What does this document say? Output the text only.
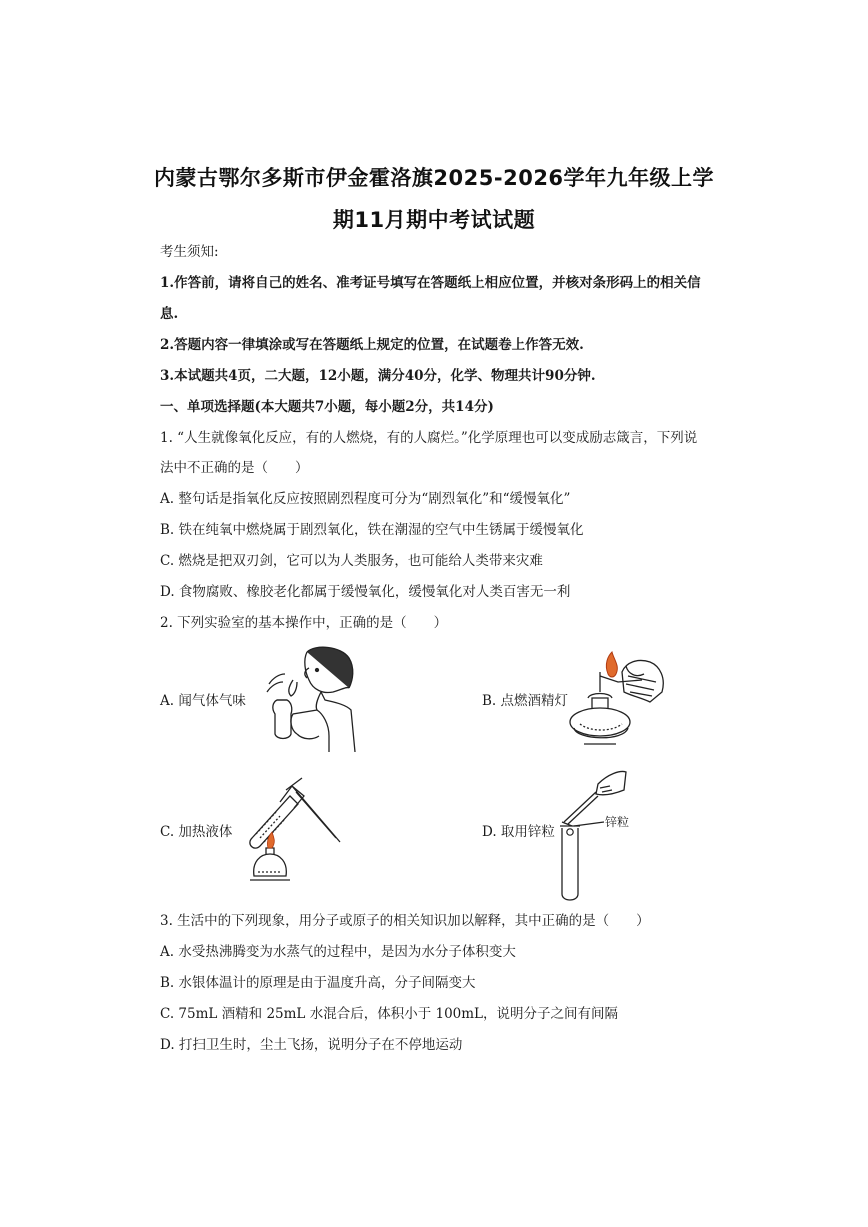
内蒙古鄂尔多斯市伊金霍洛旗2025-2026学年九年级上学
期11月期中考试试题
考生须知:
1.作答前，请将自己的姓名、准考证号填写在答题纸上相应位置，并核对条形码上的相关信
息.
2.答题内容一律填涂或写在答题纸上规定的位置，在试题卷上作答无效.
3.本试题共4页，二大题，12小题，满分40分，化学、物理共计90分钟.
一、单项选择题(本大题共7小题，每小题2分，共14分)
1. “人生就像氧化反应，有的人燃烧，有的人腐烂。”化学原理也可以变成励志箴言，下列说
法中不正确的是（　　）
A. 整句话是指氧化反应按照剧烈程度可分为“剧烈氧化”和“缓慢氧化”
B. 铁在纯氧中燃烧属于剧烈氧化，铁在潮湿的空气中生锈属于缓慢氧化
C. 燃烧是把双刃剑，它可以为人类服务，也可能给人类带来灾难
D. 食物腐败、橡胶老化都属于缓慢氧化，缓慢氧化对人类百害无一利
2. 下列实验室的基本操作中，正确的是（　　）
A. 闻气体气味	B. 点燃酒精灯
C. 加热液体	D. 取用锌粒
锌粒
3. 生活中的下列现象，用分子或原子的相关知识加以解释，其中正确的是（　　）
A. 水受热沸腾变为水蒸气的过程中，是因为水分子体积变大
B. 水银体温计的原理是由于温度升高，分子间隔变大
C. 75mL 酒精和 25mL 水混合后，体积小于 100mL，说明分子之间有间隔
D. 打扫卫生时，尘土飞扬，说明分子在不停地运动
